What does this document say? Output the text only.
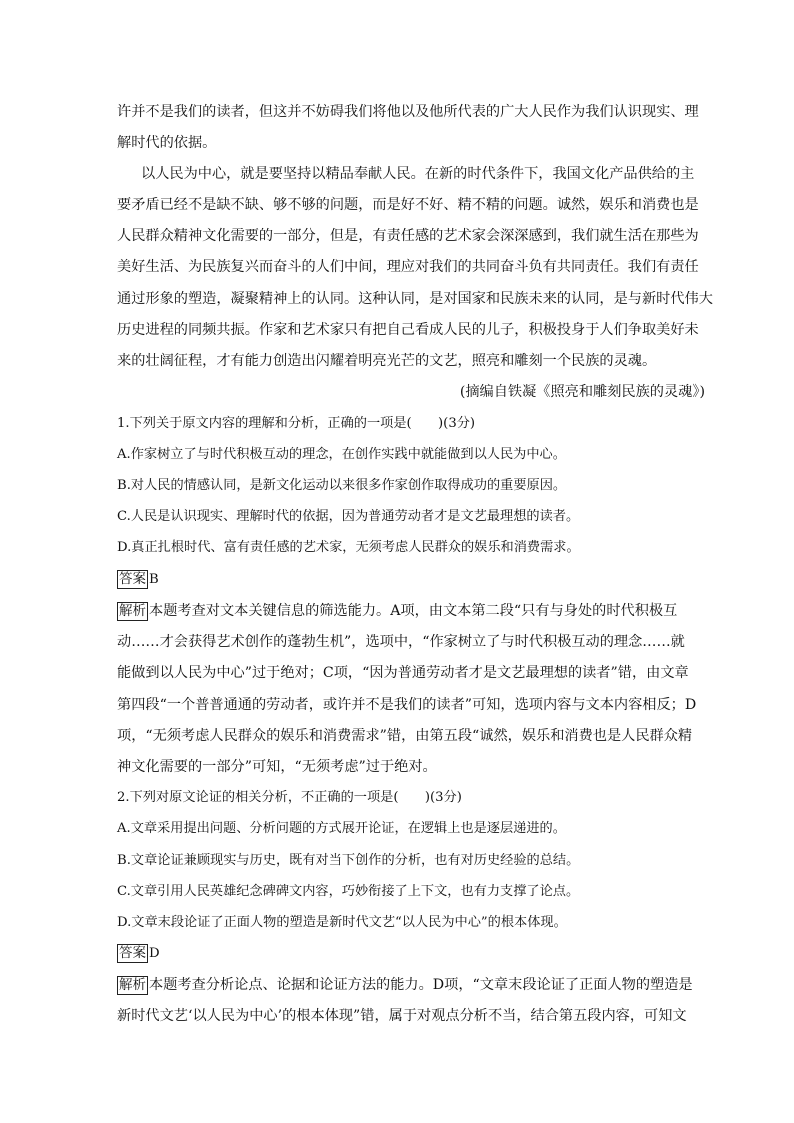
许并不是我们的读者，但这并不妨碍我们将他以及他所代表的广大人民作为我们认识现实、理
解时代的依据。
以人民为中心，就是要坚持以精品奉献人民。在新的时代条件下，我国文化产品供给的主
要矛盾已经不是缺不缺、够不够的问题，而是好不好、精不精的问题。诚然，娱乐和消费也是
人民群众精神文化需要的一部分，但是，有责任感的艺术家会深深感到，我们就生活在那些为
美好生活、为民族复兴而奋斗的人们中间，理应对我们的共同奋斗负有共同责任。我们有责任
通过形象的塑造，凝聚精神上的认同。这种认同，是对国家和民族未来的认同，是与新时代伟大
历史进程的同频共振。作家和艺术家只有把自己看成人民的儿子，积极投身于人们争取美好未
来的壮阔征程，才有能力创造出闪耀着明亮光芒的文艺，照亮和雕刻一个民族的灵魂。
(摘编自铁凝《照亮和雕刻民族的灵魂》)
1.下列关于原文内容的理解和分析，正确的一项是(　　)(3分)
A.作家树立了与时代积极互动的理念，在创作实践中就能做到以人民为中心。
B.对人民的情感认同，是新文化运动以来很多作家创作取得成功的重要原因。
C.人民是认识现实、理解时代的依据，因为普通劳动者才是文艺最理想的读者。
D.真正扎根时代、富有责任感的艺术家，无须考虑人民群众的娱乐和消费需求。
答案 B
解析 本题考查对文本关键信息的筛选能力。A项，由文本第二段“只有与身处的时代积极互
动……才会获得艺术创作的蓬勃生机”，选项中，“作家树立了与时代积极互动的理念……就
能做到以人民为中心”过于绝对；C项，“因为普通劳动者才是文艺最理想的读者”错，由文章
第四段“一个普普通通的劳动者，或许并不是我们的读者”可知，选项内容与文本内容相反；D
项，“无须考虑人民群众的娱乐和消费需求”错，由第五段“诚然，娱乐和消费也是人民群众精
神文化需要的一部分”可知，“无须考虑”过于绝对。
2.下列对原文论证的相关分析，不正确的一项是(　　)(3分)
A.文章采用提出问题、分析问题的方式展开论证，在逻辑上也是逐层递进的。
B.文章论证兼顾现实与历史，既有对当下创作的分析，也有对历史经验的总结。
C.文章引用人民英雄纪念碑碑文内容，巧妙衔接了上下文，也有力支撑了论点。
D.文章末段论证了正面人物的塑造是新时代文艺“以人民为中心”的根本体现。
答案 D
解析 本题考查分析论点、论据和论证方法的能力。D项，“文章末段论证了正面人物的塑造是
新时代文艺‘以人民为中心’的根本体现”错，属于对观点分析不当，结合第五段内容，可知文
